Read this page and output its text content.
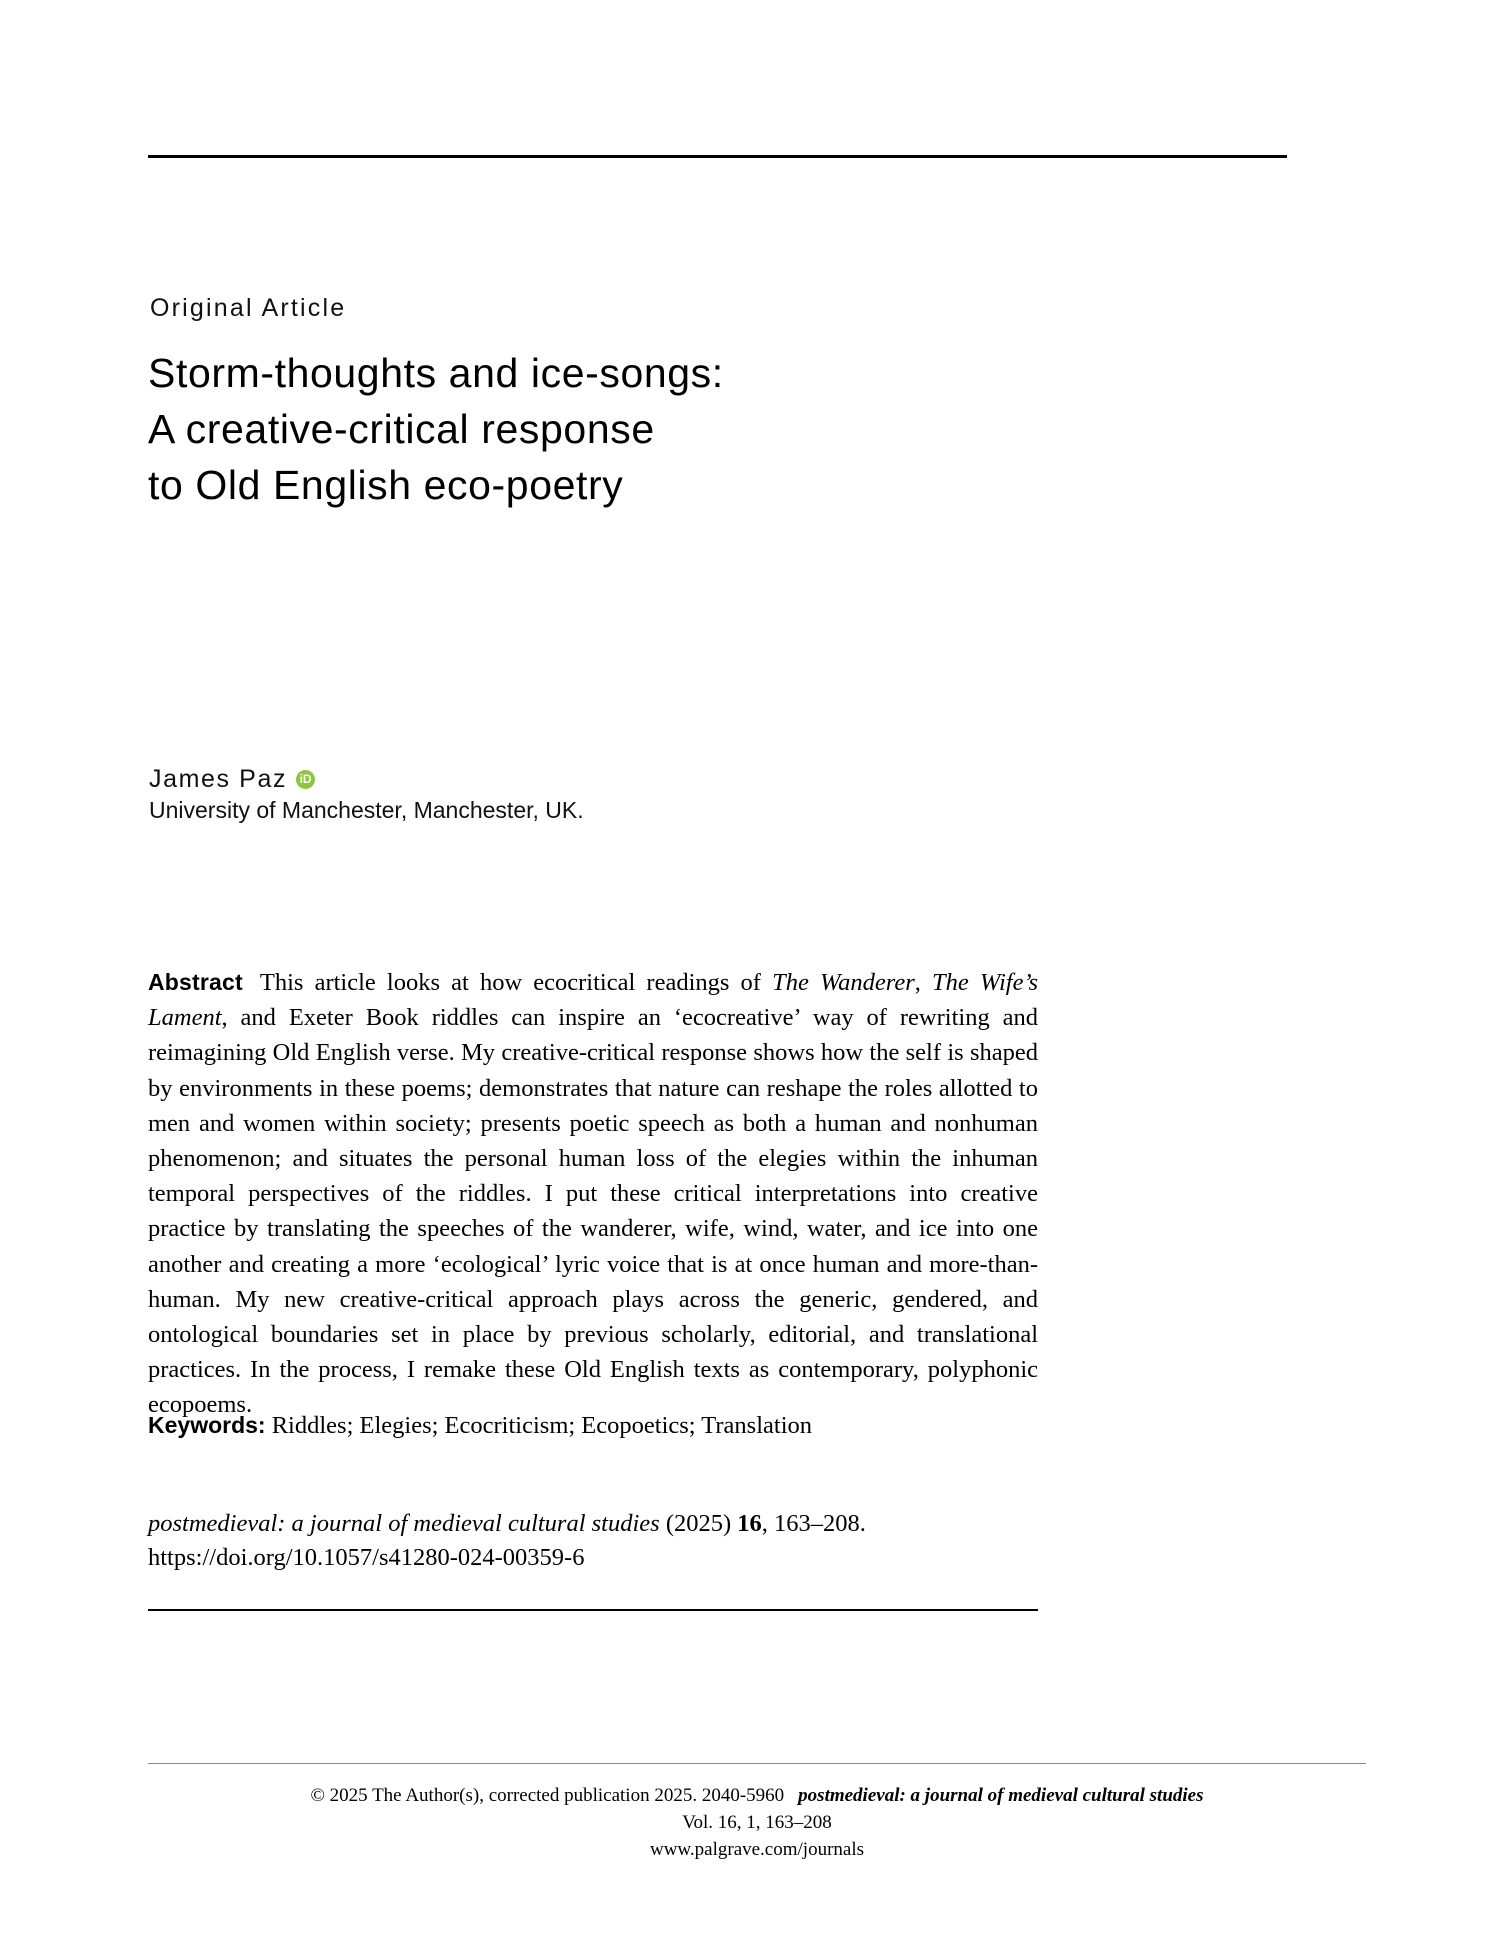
Original Article
Storm-thoughts and ice-songs:
A creative-critical response
to Old English eco-poetry
James Paz
iD
University of Manchester, Manchester, UK.
Abstract This article looks at how ecocritical readings of The Wanderer, The Wife’s Lament, and Exeter Book riddles can inspire an ‘ecocreative’ way of rewriting and reimagining Old English verse. My creative-critical response shows how the self is shaped by environments in these poems; demonstrates that nature can reshape the roles allotted to men and women within society; presents poetic speech as both a human and nonhuman phenomenon; and situates the personal human loss of the elegies within the inhuman temporal perspectives of the riddles. I put these critical interpretations into creative practice by translating the speeches of the wanderer, wife, wind, water, and ice into one another and creating a more ‘ecological’ lyric voice that is at once human and more-than-human. My new creative-critical approach plays across the generic, gendered, and ontological boundaries set in place by previous scholarly, editorial, and translational practices. In the process, I remake these Old English texts as contemporary, polyphonic ecopoems.
Keywords: Riddles; Elegies; Ecocriticism; Ecopoetics; Translation
postmedieval: a journal of medieval cultural studies (2025) 16, 163–208.
https://doi.org/10.1057/s41280-024-00359-6
© 2025 The Author(s), corrected publication 2025. 2040-5960 postmedieval: a journal of medieval cultural studies
Vol. 16, 1, 163–208
www.palgrave.com/journals
